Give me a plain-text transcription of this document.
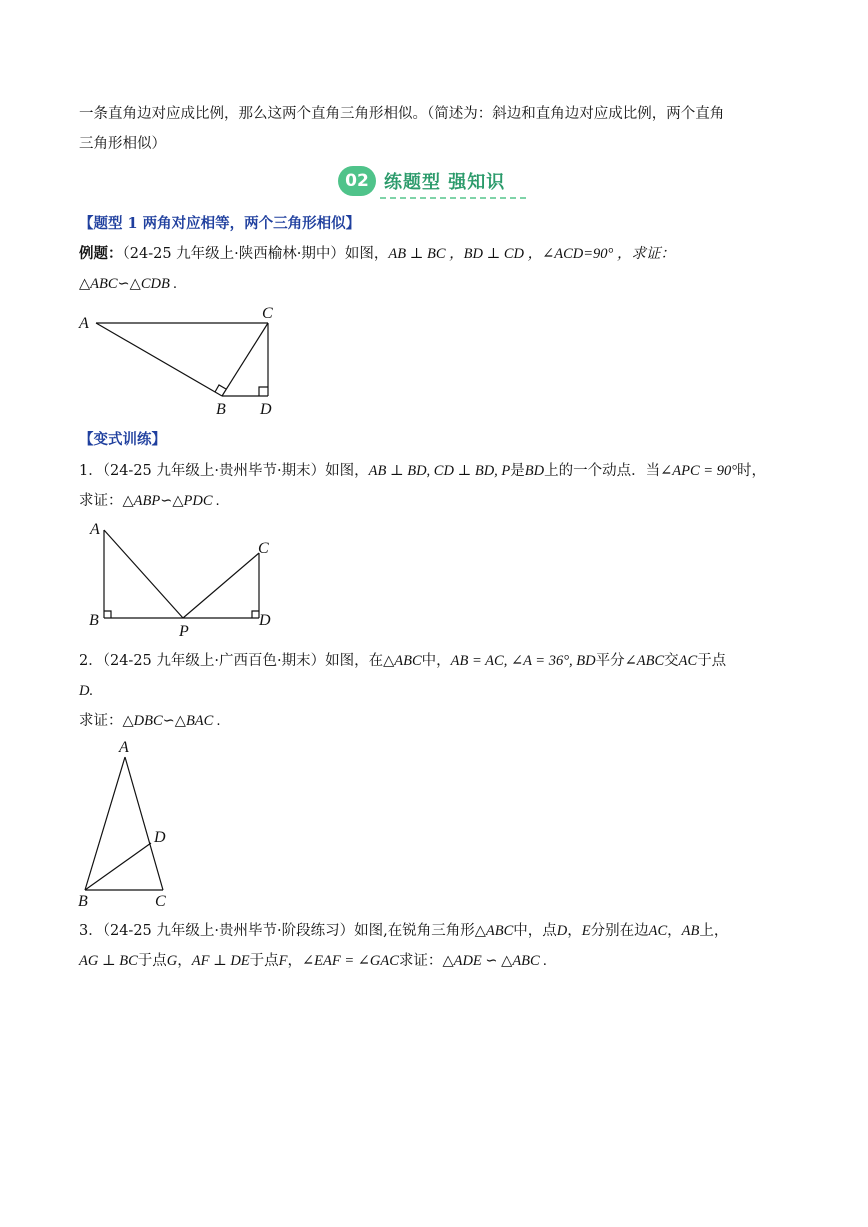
一条直角边对应成比例，那么这两个直角三角形相似。（简述为：斜边和直角边对应成比例，两个直角
三角形相似）
02 练题型 强知识
【题型 1 两角对应相等，两个三角形相似】
例题：（24-25 九年级上·陕西榆林·期中）如图，AB ⊥ BC ，BD ⊥ CD ，∠ACD=90° ，求证：
△ABC∽△CDB .
A
C
B D
【变式训练】
1．（24-25 九年级上·贵州毕节·期末）如图，AB ⊥ BD, CD ⊥ BD, P是BD上的一个动点．当∠APC = 90°时，
求证：△ABP∽△PDC .
A
C
B
P
D
2．（24-25 九年级上·广西百色·期末）如图，在△ABC中，AB = AC, ∠A = 36°, BD平分∠ABC交AC于点
D.
求证：△DBC∽△BAC .
A
D
B	C
3．（24-25 九年级上·贵州毕节·阶段练习）如图,在锐角三角形△ABC中，点D，E分别在边AC，AB上，
AG ⊥ BC于点G，AF ⊥ DE于点F，∠EAF = ∠GAC求证：△ADE ∽ △ABC .
